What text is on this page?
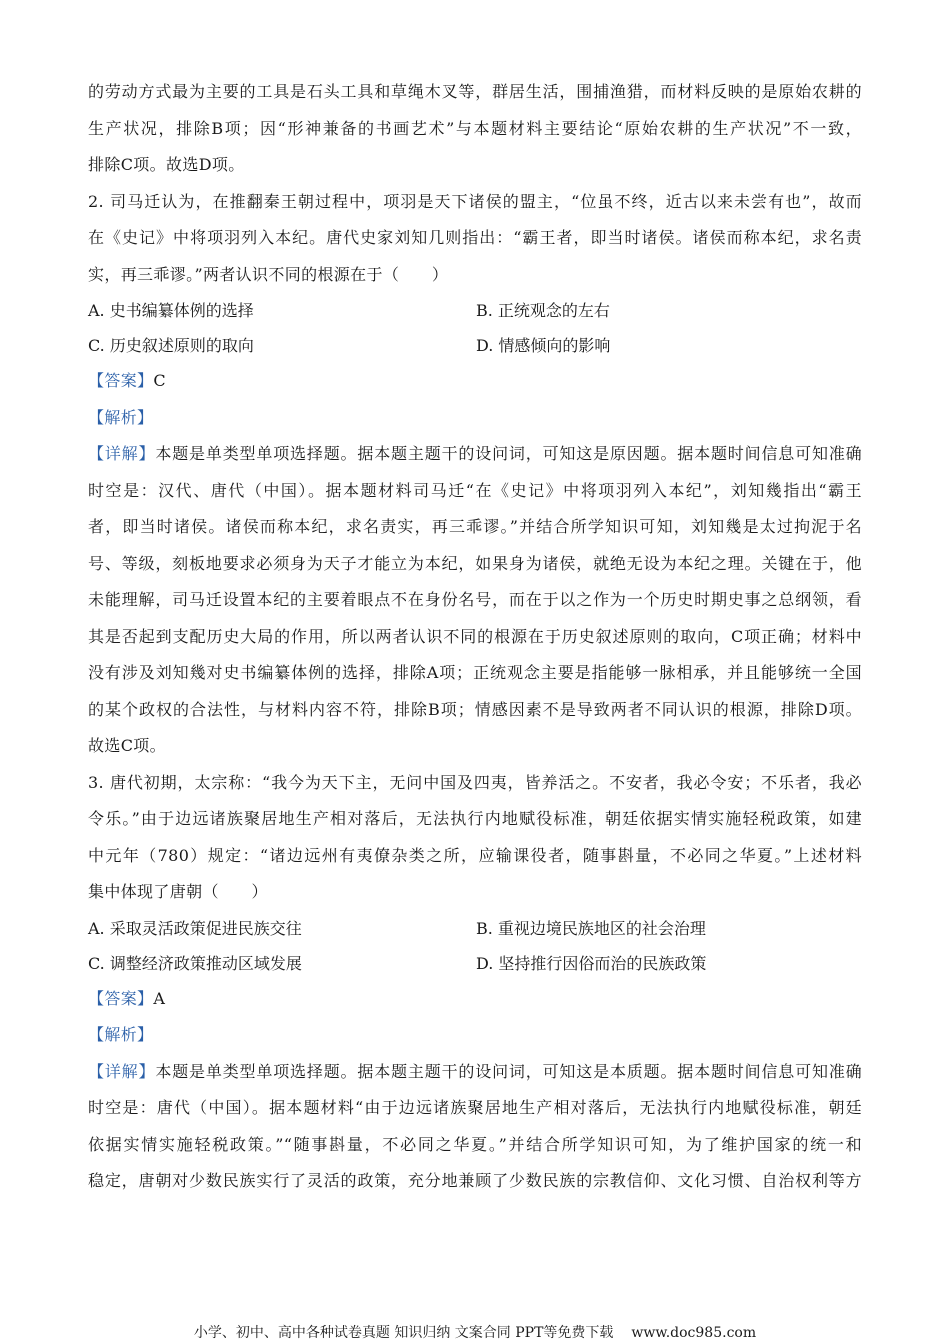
的劳动方式最为主要的工具是石头工具和草绳木叉等，群居生活，围捕渔猎，而材料反映的是原始农耕的
生产状况，排除B项；因“形神兼备的书画艺术”与本题材料主要结论“原始农耕的生产状况”不一致，
排除C项。故选D项。
2. 司马迁认为，在推翻秦王朝过程中，项羽是天下诸侯的盟主，“位虽不终，近古以来未尝有也”，故而
在《史记》中将项羽列入本纪。唐代史家刘知几则指出：“霸王者，即当时诸侯。诸侯而称本纪，求名责
实，再三乖谬。”两者认识不同的根源在于（　　）
A. 史书编纂体例的选择	B. 正统观念的左右
C. 历史叙述原则的取向	D. 情感倾向的影响
【答案】C
【解析】
【详解】本题是单类型单项选择题。据本题主题干的设问词，可知这是原因题。据本题时间信息可知准确
时空是：汉代、唐代（中国）。据本题材料司马迁“在《史记》中将项羽列入本纪”，刘知幾指出“霸王
者，即当时诸侯。诸侯而称本纪，求名责实，再三乖谬。”并结合所学知识可知，刘知幾是太过拘泥于名
号、等级，刻板地要求必须身为天子才能立为本纪，如果身为诸侯，就绝无设为本纪之理。关键在于，他
未能理解，司马迁设置本纪的主要着眼点不在身份名号，而在于以之作为一个历史时期史事之总纲领，看
其是否起到支配历史大局的作用，所以两者认识不同的根源在于历史叙述原则的取向，C项正确；材料中
没有涉及刘知幾对史书编纂体例的选择，排除A项；正统观念主要是指能够一脉相承，并且能够统一全国
的某个政权的合法性，与材料内容不符，排除B项；情感因素不是导致两者不同认识的根源，排除D项。
故选C项。
3. 唐代初期，太宗称：“我今为天下主，无问中国及四夷，皆养活之。不安者，我必令安；不乐者，我必
令乐。”由于边远诸族聚居地生产相对落后，无法执行内地赋役标准，朝廷依据实情实施轻税政策，如建
中元年（780）规定：“诸边远州有夷僚杂类之所，应输课役者，随事斟量，不必同之华夏。”上述材料
集中体现了唐朝（　　）
A. 采取灵活政策促进民族交往	B. 重视边境民族地区的社会治理
C. 调整经济政策推动区域发展	D. 坚持推行因俗而治的民族政策
【答案】A
【解析】
【详解】本题是单类型单项选择题。据本题主题干的设问词，可知这是本质题。据本题时间信息可知准确
时空是：唐代（中国）。据本题材料“由于边远诸族聚居地生产相对落后，无法执行内地赋役标准，朝廷
依据实情实施轻税政策。”“随事斟量，不必同之华夏。”并结合所学知识可知，为了维护国家的统一和
稳定，唐朝对少数民族实行了灵活的政策，充分地兼顾了少数民族的宗教信仰、文化习惯、自治权利等方
小学、初中、高中各种试卷真题 知识归纳 文案合同 PPT等免费下载 www.doc985.com
